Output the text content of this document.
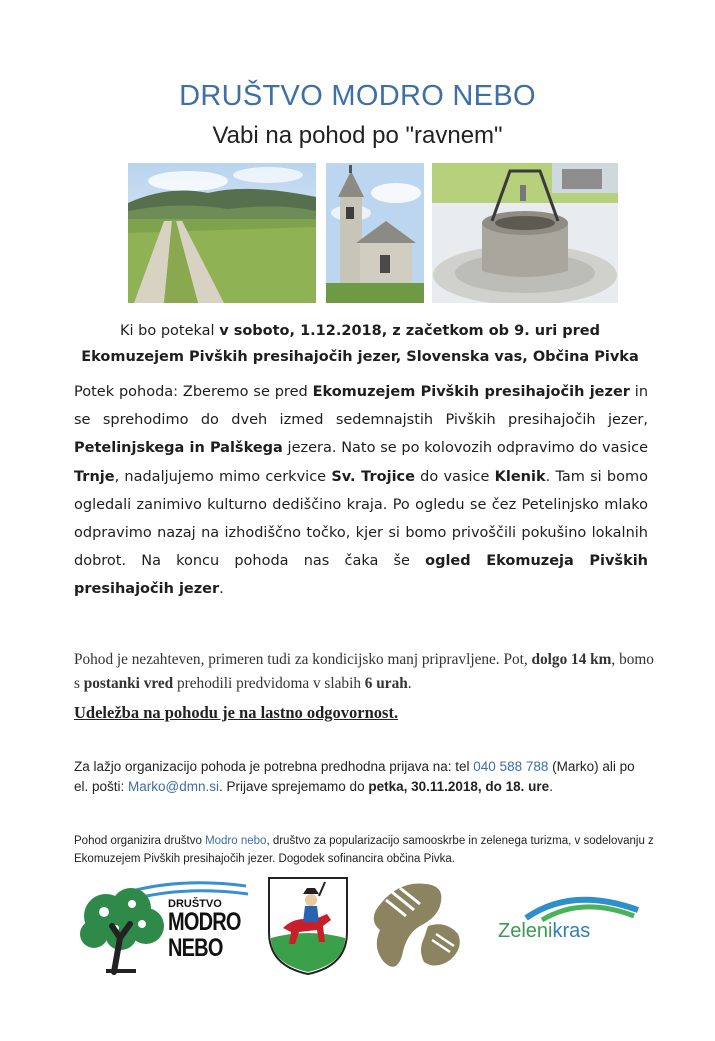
DRUŠTVO MODRO NEBO
Vabi na pohod po "ravnem"
Ki bo potekal v soboto, 1.12.2018, z začetkom ob 9. uri pred
Ekomuzejem Pivških presihajočih jezer, Slovenska vas, Občina Pivka
Potek pohoda: Zberemo se pred Ekomuzejem Pivških presihajočih jezer in se sprehodimo do dveh izmed sedemnajstih Pivških presihajočih jezer, Petelinjskega in Palškega jezera. Nato se po kolovozih odpravimo do vasice Trnje, nadaljujemo mimo cerkvice Sv. Trojice do vasice Klenik. Tam si bomo ogledali zanimivo kulturno dediščino kraja. Po ogledu se čez Petelinjsko mlako odpravimo nazaj na izhodiščno točko, kjer si bomo privoščili pokušino lokalnih dobrot. Na koncu pohoda nas čaka še ogled Ekomuzeja Pivških presihajočih jezer.
Pohod je nezahteven, primeren tudi za kondicijsko manj pripravljene. Pot, dolgo 14 km, bomo s postanki vred prehodili predvidoma v slabih 6 urah.
Udeležba na pohodu je na lastno odgovornost.
Za lažjo organizacijo pohoda je potrebna predhodna prijava na: tel 040 588 788 (Marko) ali po el. pošti: Marko@dmn.si. Prijave sprejemamo do petka, 30.11.2018, do 18. ure.
Pohod organizira društvo Modro nebo, društvo za popularizacijo samooskrbe in zelenega turizma, v sodelovanju z Ekomuzejem Pivških presihajočih jezer. Dogodek sofinancira občina Pivka.
DRUŠTVO
MODRO
NEBO
Zelenikras
